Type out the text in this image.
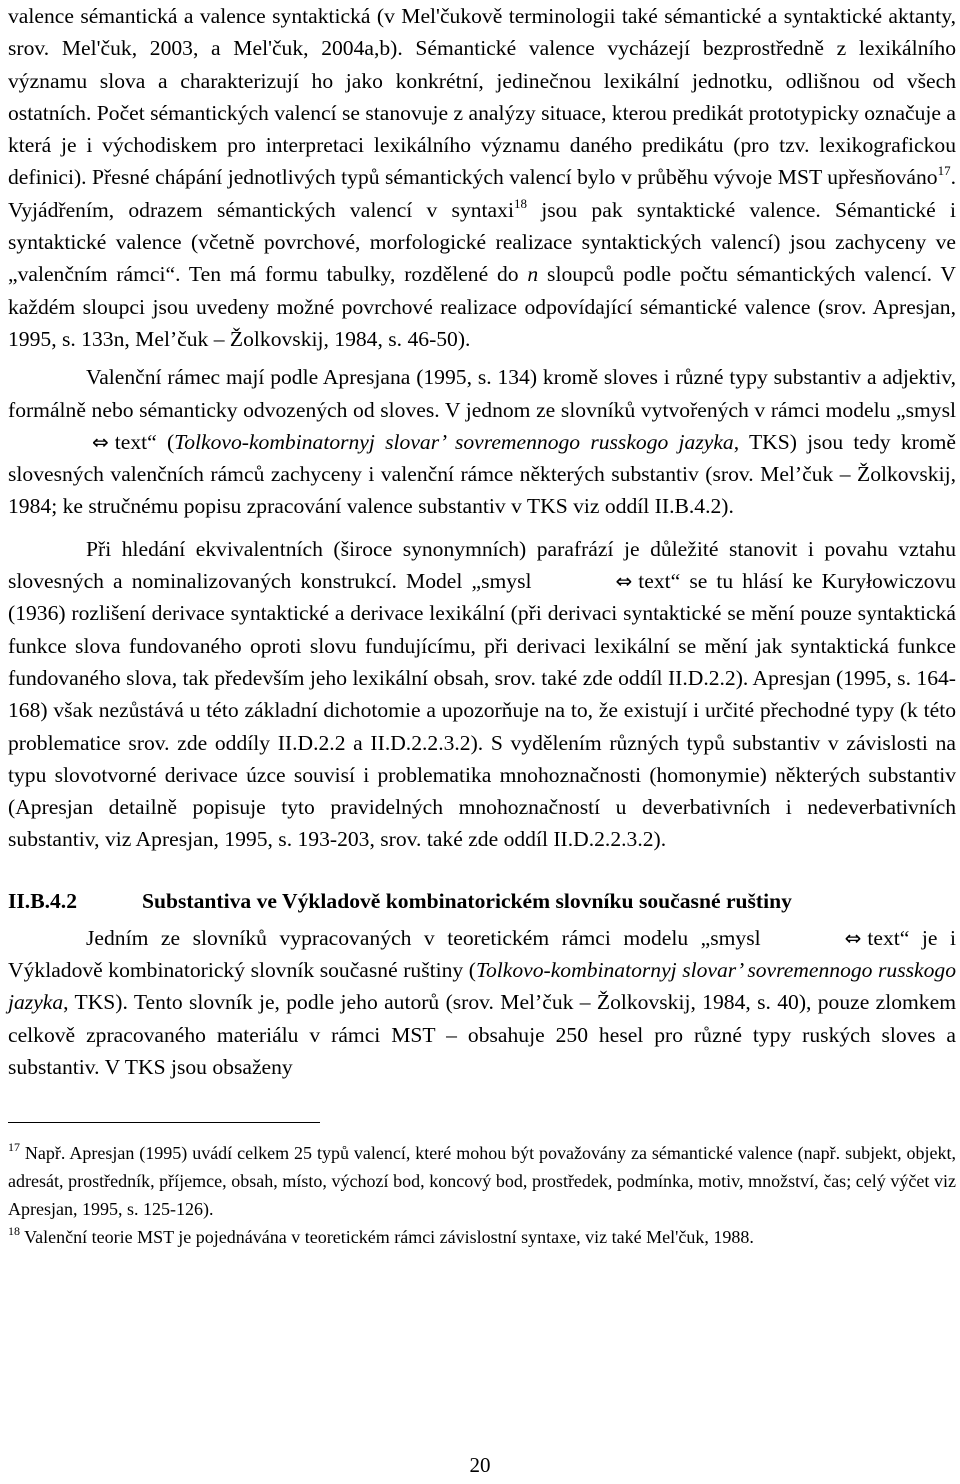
valence sémantická a valence syntaktická (v Mel'čukově terminologii také sémantické a syntaktické aktanty, srov. Mel'čuk, 2003, a Mel'čuk, 2004a,b). Sémantické valence vycházejí bezprostředně z lexikálního významu slova a charakterizují ho jako konkrétní, jedinečnou lexikální jednotku, odlišnou od všech ostatních. Počet sémantických valencí se stanovuje z analýzy situace, kterou predikát prototypicky označuje a která je i východiskem pro interpretaci lexikálního významu daného predikátu (pro tzv. lexikografickou definici). Přesné chápání jednotlivých typů sémantických valencí bylo v průběhu vývoje MST upřesňováno$^{17}$. Vyjádřením, odrazem sémantických valencí v syntaxi$^{18}$ jsou pak syntaktické valence. Sémantické i syntaktické valence (včetně povrchové, morfologické realizace syntaktických valencí) jsou zachyceny ve „valenčním rámci“. Ten má formu tabulky, rozdělené do n sloupců podle počtu sémantických valencí. V každém sloupci jsou uvedeny možné povrchové realizace odpovídající sémantické valence (srov. Apresjan, 1995, s. 133n, Mel’čuk – Žolkovskij, 1984, s. 46-50).

Valenční rámec mají podle Apresjana (1995, s. 134) kromě sloves i různé typy substantiv a adjektiv, formálně nebo sémanticky odvozených od sloves. V jednom ze slovníků vytvořených v rámci modelu „smysl⇔ text“ (Tolkovo-kombinatornyj slovar’ sovremennogo russkogo jazyka, TKS) jsou tedy kromě slovesných valenčních rámců zachyceny i valenční rámce některých substantiv (srov. Mel’čuk – Žolkovskij, 1984; ke stručnému popisu zpracování valence substantiv v TKS viz oddíl II.B.4.2).

Při hledání ekvivalentních (široce synonymních) parafrází je důležité stanovit i povahu vztahu slovesných a nominalizovaných konstrukcí. Model „smysl	⇔ text“ se tu hlásí ke Kuryłowiczovu (1936) rozlišení derivace syntaktické a derivace lexikální (při derivaci syntaktické se mění pouze syntaktická funkce slova fundovaného oproti slovu fundujícímu, při derivaci lexikální se mění jak syntaktická funkce fundovaného slova, tak především jeho lexikální obsah, srov. také zde oddíl II.D.2.2). Apresjan (1995, s. 164-168) však nezůstává u této základní dichotomie a upozorňuje na to, že existují i určité přechodné typy (k této problematice srov. zde oddíly II.D.2.2 a II.D.2.2.3.2). S vydělením různých typů substantiv v závislosti na typu slovotvorné derivace úzce souvisí i problematika mnohoznačnosti (homonymie) některých substantiv (Apresjan detailně popisuje tyto pravidelných mnohoznačností u deverbativních i nedeverbativních substantiv, viz Apresjan, 1995, s. 193-203, srov. také zde oddíl II.D.2.2.3.2).

II.B.4.2	Substantiva ve Výkladově kombinatorickém slovníku současné ruštiny

Jedním ze slovníků vypracovaných v teoretickém rámci modelu „smysl	⇔ text“ je i Výkladově kombinatorický slovník současné ruštiny (Tolkovo-kombinatornyj slovar’ sovremennogo russkogo jazyka, TKS). Tento slovník je, podle jeho autorů (srov. Mel’čuk – Žolkovskij, 1984, s. 40), pouze zlomkem celkově zpracovaného materiálu v rámci MST – obsahuje 250 hesel pro různé typy ruských sloves a substantiv. V TKS jsou obsaženy

$^{17}$ Např. Apresjan (1995) uvádí celkem 25 typů valencí, které mohou být považovány za sémantické valence (např. subjekt, objekt, adresát, prostředník, příjemce, obsah, místo, výchozí bod, koncový bod, prostředek, podmínka, motiv, množství, čas; celý výčet viz Apresjan, 1995, s. 125-126).

$^{18}$ Valenční teorie MST je pojednávána v teoretickém rámci závislostní syntaxe, viz také Mel'čuk, 1988.

20
